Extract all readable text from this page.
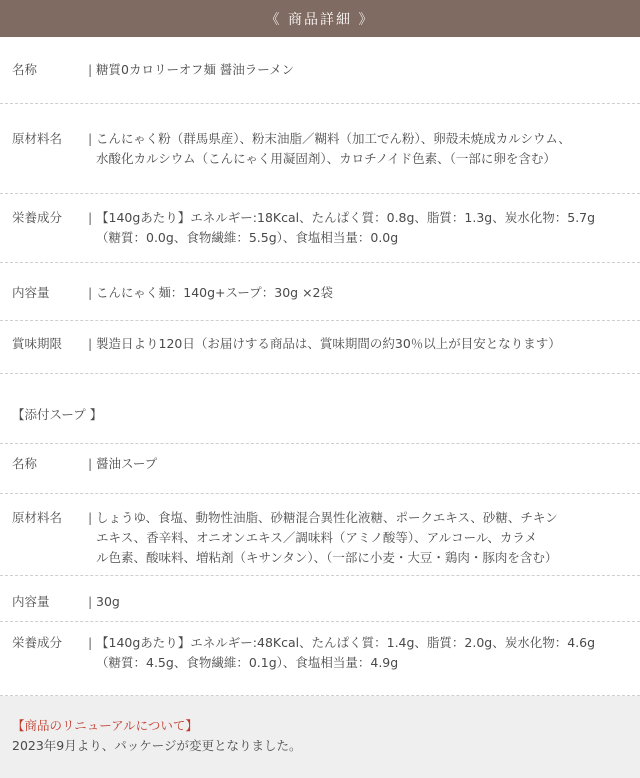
《 商品詳細 》
名称	| 糖質0カロリーオフ麺 醤油ラーメン
原材料名	| こんにゃく粉（群馬県産）、粉末油脂／糊料（加工でん粉）、卵殻未焼成カルシウム、
水酸化カルシウム（こんにゃく用凝固剤）、カロチノイド色素、（一部に卵を含む）
栄養成分	| 【140gあたり】エネルギー:18Kcal、たんぱく質：0.8g、脂質：1.3g、炭水化物：5.7g
（糖質：0.0g、食物繊維：5.5g）、食塩相当量：0.0g
内容量	| こんにゃく麺：140g+スープ：30g ×2袋
賞味期限	| 製造日より120日（お届けする商品は、賞味期間の約30％以上が目安となります）
【添付スープ 】
名称	| 醤油スープ
原材料名	| しょうゆ、食塩、動物性油脂、砂糖混合異性化液糖、ポークエキス、砂糖、チキン
エキス、香辛料、オニオンエキス／調味料（アミノ酸等）、アルコール、カラメ
ル色素、酸味料、増粘剤（キサンタン）、（一部に小麦・大豆・鶏肉・豚肉を含む）
内容量	| 30g
栄養成分	| 【140gあたり】エネルギー:48Kcal、たんぱく質：1.4g、脂質：2.0g、炭水化物：4.6g
（糖質：4.5g、食物繊維：0.1g）、食塩相当量：4.9g
【商品のリニューアルについて】
2023年9月より、パッケージが変更となりました。
